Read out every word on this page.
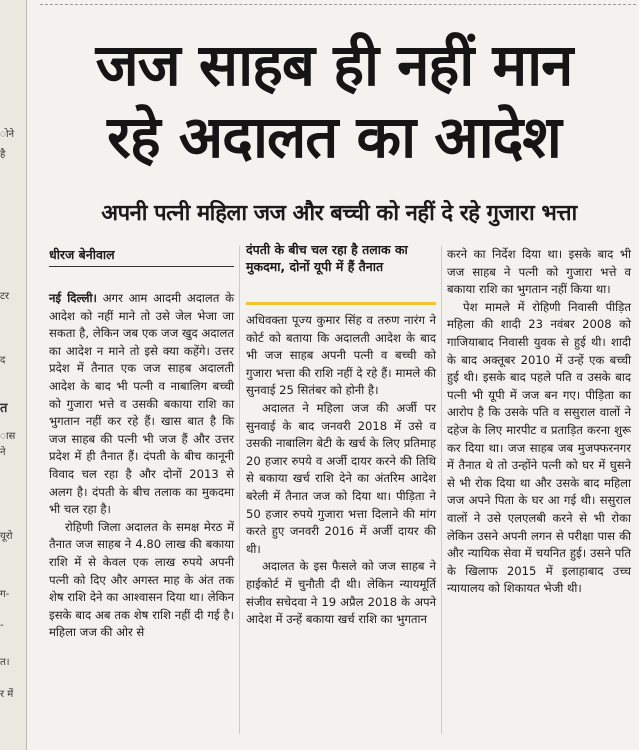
ोने
है
टर
द
त
ास
ने
यूरो
ग-
-
त।
र में
जज साहब ही नहीं मान
रहे अदालत का आदेश
अपनी पत्नी महिला जज और बच्ची को नहीं दे रहे गुजारा भत्ता
धीरज बेनीवाल	दंपती के बीच चल रहा है तलाक का मुकदमा, दोनों यूपी में हैं तैनात

नई दिल्ली। अगर आम आदमी अदालत के आदेश को नहीं माने तो उसे जेल भेजा जा सकता है, लेकिन जब एक जज खुद अदालत का आदेश न माने तो इसे क्या कहेंगे। उत्तर प्रदेश में तैनात एक जज साहब अदालती आदेश के बाद भी पत्नी व नाबालिग बच्ची को गुजारा भत्ते व उसकी बकाया राशि का भुगतान नहीं कर रहे हैं। खास बात है कि जज साहब की पत्नी भी जज हैं और उत्तर प्रदेश में ही तैनात हैं। दंपती के बीच कानूनी विवाद चल रहा है और दोनों 2013 से अलग है। दंपती के बीच तलाक का मुकदमा भी चल रहा है।

रोहिणी जिला अदालत के समक्ष मेरठ में तैनात जज साहब ने 4.80 लाख की बकाया राशि में से केवल एक लाख रुपये अपनी पत्नी को दिए और अगस्त माह के अंत तक शेष राशि देने का आश्वासन दिया था। लेकिन इसके बाद अब तक शेष राशि नहीं दी गई है। महिला जज की ओर से

अधिवक्ता पूज्य कुमार सिंह व तरुण नारंग ने कोर्ट को बताया कि अदालती आदेश के बाद भी जज साहब अपनी पत्नी व बच्ची को गुजारा भत्ता की राशि नहीं दे रहे हैं। मामले की सुनवाई 25 सितंबर को होनी है।

अदालत ने महिला जज की अर्जी पर सुनवाई के बाद जनवरी 2018 में उसे व उसकी नाबालिग बेटी के खर्च के लिए प्रतिमाह 20 हजार रुपये व अर्जी दायर करने की तिथि से बकाया खर्च राशि देने का अंतरिम आदेश बरेली में तैनात जज को दिया था। पीड़िता ने 50 हजार रुपये गुजारा भत्ता दिलाने की मांग करते हुए जनवरी 2016 में अर्जी दायर की थी।

अदालत के इस फैसले को जज साहब ने हाईकोर्ट में चुनौती दी थी। लेकिन न्यायमूर्ति संजीव सचेदवा ने 19 अप्रैल 2018 के अपने आदेश में उन्हें बकाया खर्च राशि का भुगतान

करने का निर्देश दिया था। इसके बाद भी जज साहब ने पत्नी को गुजारा भत्ते व बकाया राशि का भुगतान नहीं किया था।

पेश मामले में रोहिणी निवासी पीड़ित महिला की शादी 23 नवंबर 2008 को गाजियाबाद निवासी युवक से हुई थी। शादी के बाद अक्तूबर 2010 में उन्हें एक बच्ची हुई थी। इसके बाद पहले पति व उसके बाद पत्नी भी यूपी में जज बन गए। पीड़िता का आरोप है कि उसके पति व ससुराल वालों ने दहेज के लिए मारपीट व प्रताड़ित करना शुरू कर दिया था। जज साहब जब मुजफ्फरनगर में तैनात थे तो उन्होंने पत्नी को घर में घुसने से भी रोक दिया था और उसके बाद महिला जज अपने पिता के घर आ गई थी। ससुराल वालों ने उसे एलएलबी करने से भी रोका लेकिन उसने अपनी लगन से परीक्षा पास की और न्यायिक सेवा में चयनित हुई। उसने पति के खिलाफ 2015 में इलाहाबाद उच्च न्यायालय को शिकायत भेजी थी।
